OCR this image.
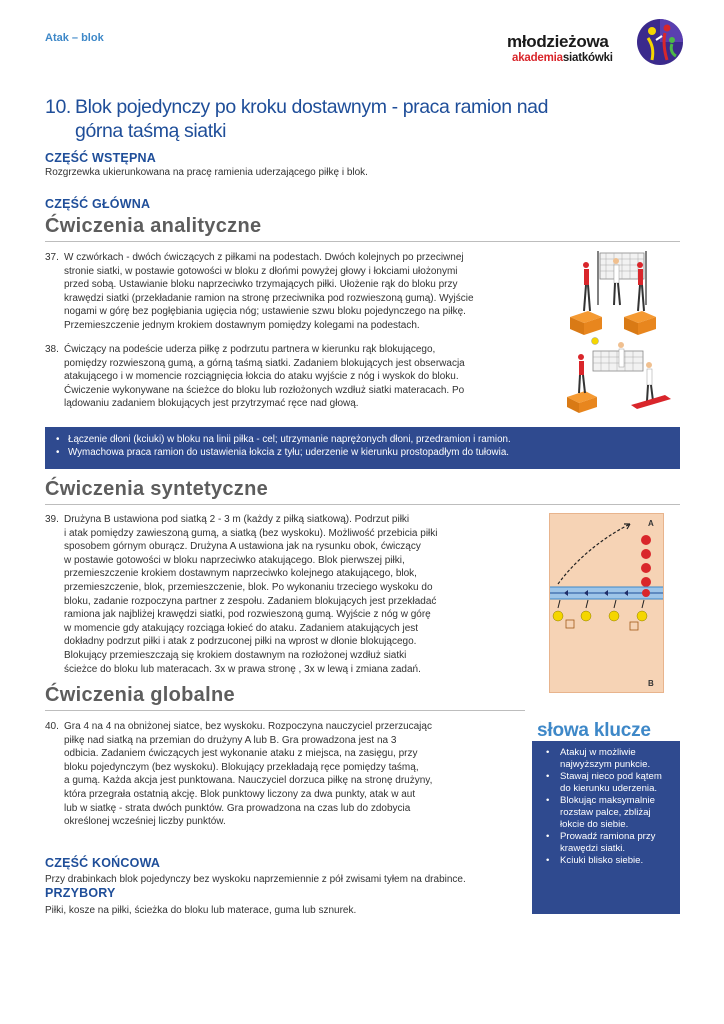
Atak – blok	młodzieżowa
akademiasiatkówki
10. Blok pojedynczy po kroku dostawnym - praca ramion nad
górna taśmą siatki
CZĘŚĆ WSTĘPNA
Rozgrzewka ukierunkowana na pracę ramienia uderzającego piłkę i blok.
CZĘŚĆ GŁÓWNA
Ćwiczenia analityczne
37. W czwórkach - dwóch ćwiczących z piłkami na podestach. Dwóch kolejnych po przeciwnej
stronie siatki, w postawie gotowości w bloku z dłońmi powyżej głowy i łokciami ułożonymi
przed sobą. Ustawianie bloku naprzeciwko trzymających piłki. Ułożenie rąk do bloku przy
krawędzi siatki (przekładanie ramion na stronę przeciwnika pod rozwieszoną gumą). Wyjście
nogami w górę bez pogłębiania ugięcia nóg; ustawienie szwu bloku pojedynczego na piłkę.
Przemieszczenie jednym krokiem dostawnym pomiędzy kolegami na podestach.
38. Ćwiczący na podeście uderza piłkę z podrzutu partnera w kierunku rąk blokującego,
pomiędzy rozwieszoną gumą, a górną taśmą siatki. Zadaniem blokujących jest obserwacja
atakującego i w momencie rozciągnięcia łokcia do ataku wyjście z nóg i wyskok do bloku.
Ćwiczenie wykonywane na ścieżce do bloku lub rozłożonych wzdłuż siatki materacach. Po
lądowaniu zadaniem blokujących jest przytrzymać ręce nad głową.
• Łączenie dłoni (kciuki) w bloku na linii piłka - cel; utrzymanie naprężonych dłoni, przedramion i ramion.
• Wymachowa praca ramion do ustawienia łokcia z tyłu; uderzenie w kierunku prostopadłym do tułowia.
Ćwiczenia syntetyczne
39. Drużyna B ustawiona pod siatką 2 - 3 m (każdy z piłką siatkową). Podrzut piłki
i atak pomiędzy zawieszoną gumą, a siatką (bez wyskoku). Możliwość przebicia piłki
sposobem górnym oburącz. Drużyna A ustawiona jak na rysunku obok, ćwiczący
w postawie gotowości w bloku naprzeciwko atakującego. Blok pierwszej piłki,
przemieszczenie krokiem dostawnym naprzeciwko kolejnego atakującego, blok,
przemieszczenie, blok, przemieszczenie, blok. Po wykonaniu trzeciego wyskoku do
bloku, zadanie rozpoczyna partner z zespołu. Zadaniem blokujących jest przekładać
ramiona jak najbliżej krawędzi siatki, pod rozwieszoną gumą. Wyjście z nóg w górę
w momencie gdy atakujący rozciąga łokieć do ataku. Zadaniem atakujących jest
dokładny podrzut piłki i atak z podrzuconej piłki na wprost w dłonie blokującego.
Blokujący przemieszczają się krokiem dostawnym na rozłożonej wzdłuż siatki
ścieżce do bloku lub materacach. 3x w prawa stronę , 3x w lewą i zmiana zadań.
A
B
Ćwiczenia globalne
40. Gra 4 na 4 na obniżonej siatce, bez wyskoku. Rozpoczyna nauczyciel przerzucając
piłkę nad siatką na przemian do drużyny A lub B. Gra prowadzona jest na 3
odbicia. Zadaniem ćwiczących jest wykonanie ataku z miejsca, na zasięgu, przy
bloku pojedynczym (bez wyskoku). Blokujący przekładają ręce pomiędzy taśmą,
a gumą. Każda akcja jest punktowana. Nauczyciel dorzuca piłkę na stronę drużyny,
która przegrała ostatnią akcję. Blok punktowy liczony za dwa punkty, atak w aut
lub w siatkę - strata dwóch punktów. Gra prowadzona na czas lub do zdobycia
określonej wcześniej liczby punktów.
słowa klucze
• Atakuj w możliwie najwyższym punkcie.
• Stawaj nieco pod kątem do kierunku uderzenia.
• Blokując maksymalnie rozstaw palce, zbliżaj łokcie do siebie.
• Prowadź ramiona przy krawędzi siatki.
• Kciuki blisko siebie.
CZĘŚĆ KOŃCOWA
Przy drabinkach blok pojedynczy bez wyskoku naprzemiennie z pół zwisami tyłem na drabince.
PRZYBORY
Piłki, kosze na piłki, ścieżka do bloku lub materace, guma lub sznurek.
